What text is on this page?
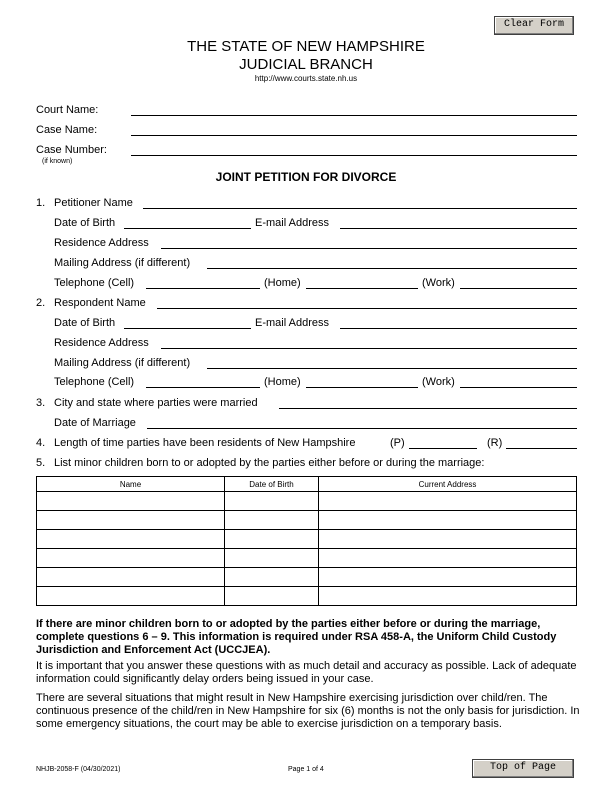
Clear Form
THE STATE OF NEW HAMPSHIRE
JUDICIAL BRANCH
http://www.courts.state.nh.us
Court Name:
Case Name:
Case Number:
(if known)
JOINT PETITION FOR DIVORCE
1. Petitioner Name
Date of Birth	E-mail Address
Residence Address
Mailing Address (if different)
Telephone (Cell)	(Home)	(Work)
2. Respondent Name
Date of Birth	E-mail Address
Residence Address
Mailing Address (if different)
Telephone (Cell)	(Home)	(Work)
3. City and state where parties were married
Date of Marriage
4. Length of time parties have been residents of New Hampshire	(P)	(R)
5. List minor children born to or adopted by the parties either before or during the marriage:
Name	Date of Birth	Current Address

If there are minor children born to or adopted by the parties either before or during the marriage, complete questions 6 – 9. This information is required under RSA 458-A, the Uniform Child Custody Jurisdiction and Enforcement Act (UCCJEA).
It is important that you answer these questions with as much detail and accuracy as possible. Lack of adequate information could significantly delay orders being issued in your case.
There are several situations that might result in New Hampshire exercising jurisdiction over child/ren. The continuous presence of the child/ren in New Hampshire for six (6) months is not the only basis for jurisdiction. In some emergency situations, the court may be able to exercise jurisdiction on a temporary basis.
NHJB-2058-F (04/30/2021)	Page 1 of 4	Top of Page
